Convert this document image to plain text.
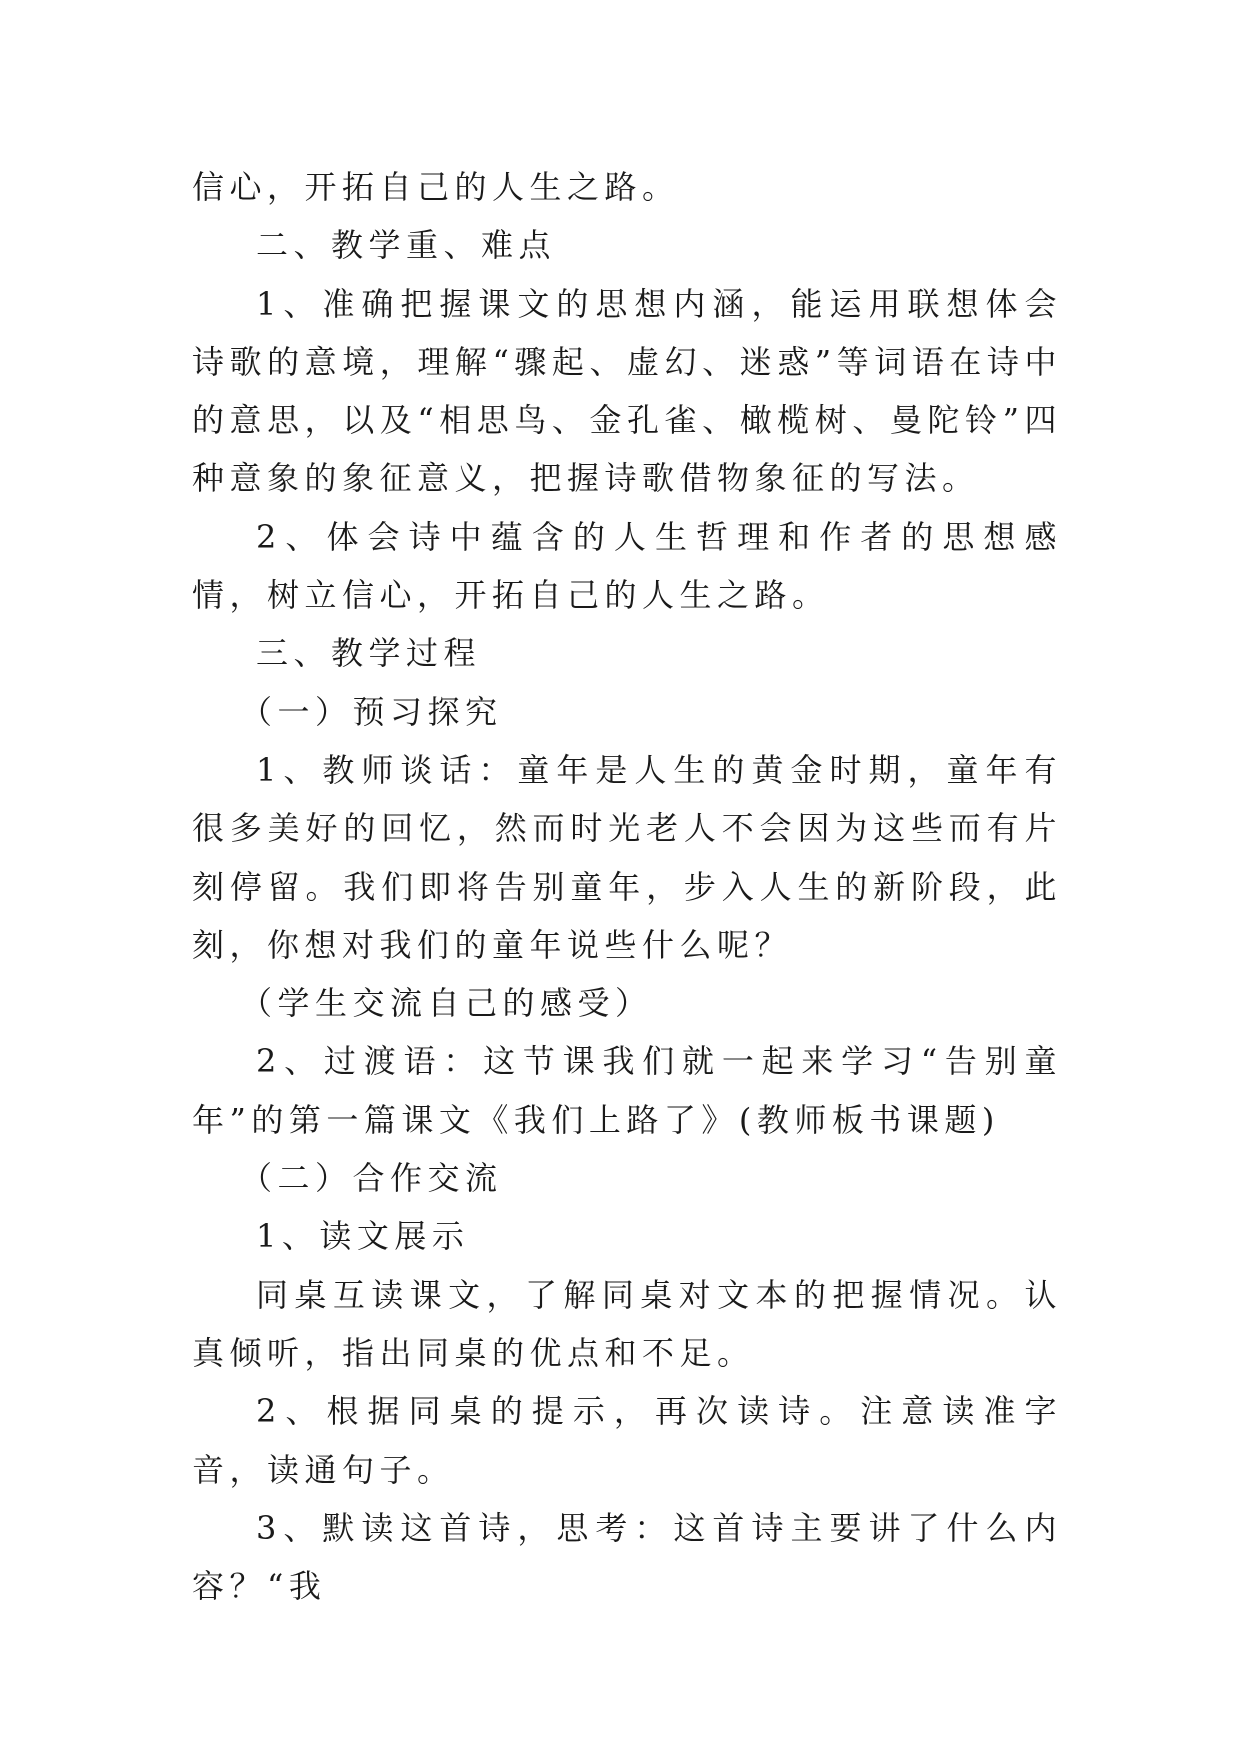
信心，开拓自己的人生之路。

二、教学重、难点

1、准确把握课文的思想内涵，能运用联想体会诗歌的意境，理解“骤起、虚幻、迷惑”等词语在诗中的意思，以及“相思鸟、金孔雀、橄榄树、曼陀铃”四种意象的象征意义，把握诗歌借物象征的写法。

2、体会诗中蕴含的人生哲理和作者的思想感情，树立信心，开拓自己的人生之路。

三、教学过程

（一）预习探究

1、教师谈话：童年是人生的黄金时期，童年有很多美好的回忆，然而时光老人不会因为这些而有片刻停留。我们即将告别童年，步入人生的新阶段，此刻，你想对我们的童年说些什么呢？

（学生交流自己的感受）

2、过渡语：这节课我们就一起来学习“告别童年”的第一篇课文《我们上路了》(教师板书课题)

（二）合作交流

1、读文展示

同桌互读课文，了解同桌对文本的把握情况。认真倾听，指出同桌的优点和不足。

2、根据同桌的提示，再次读诗。注意读准字音，读通句子。

3、默读这首诗，思考：这首诗主要讲了什么内容？“我
